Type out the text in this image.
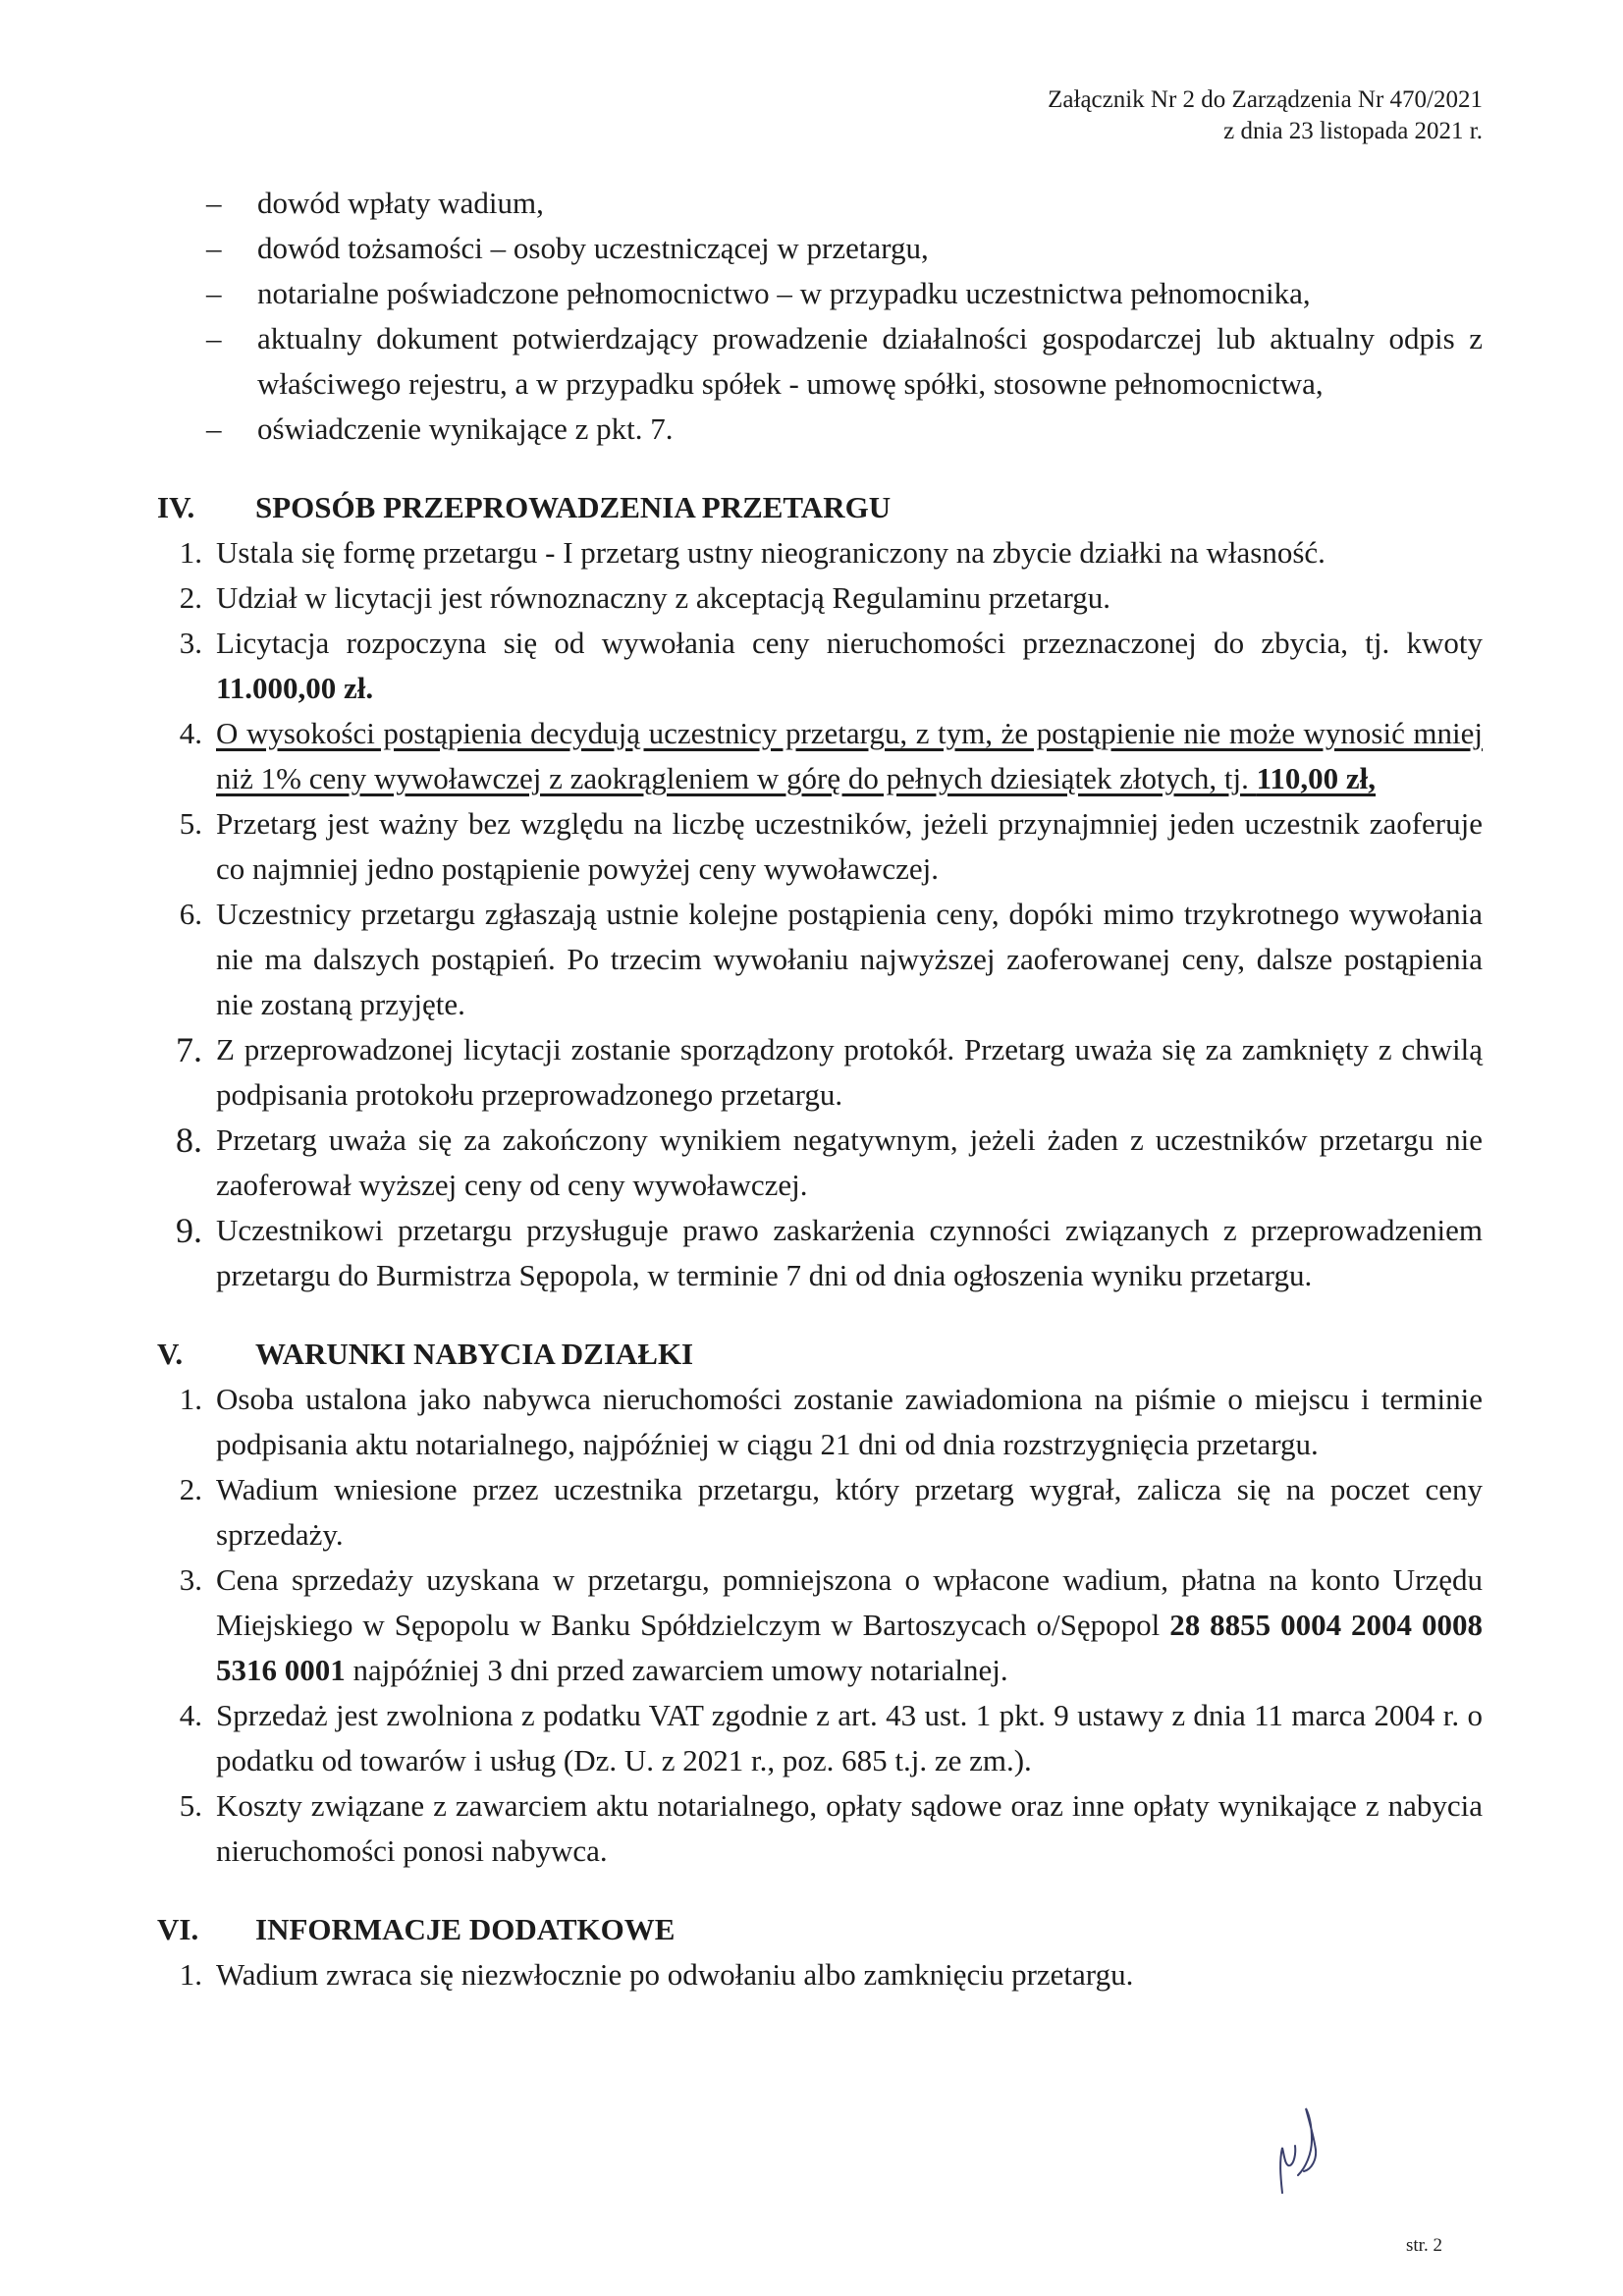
Załącznik Nr 2 do Zarządzenia Nr 470/2021
z dnia 23 listopada 2021 r.
– dowód wpłaty wadium,
– dowód tożsamości – osoby uczestniczącej w przetargu,
– notarialne poświadczone pełnomocnictwo – w przypadku uczestnictwa pełnomocnika,
– aktualny dokument potwierdzający prowadzenie działalności gospodarczej lub aktualny odpis z właściwego rejestru, a w przypadku spółek - umowę spółki, stosowne pełnomocnictwa,
– oświadczenie wynikające z pkt. 7.
IV.	SPOSÓB PRZEPROWADZENIA PRZETARGU
1. Ustala się formę przetargu - I przetarg ustny nieograniczony na zbycie działki na własność.
2. Udział w licytacji jest równoznaczny z akceptacją Regulaminu przetargu.
3. Licytacja rozpoczyna się od wywołania ceny nieruchomości przeznaczonej do zbycia, tj. kwoty 11.000,00 zł.
4. O wysokości postąpienia decydują uczestnicy przetargu, z tym, że postąpienie nie może wynosić mniej niż 1% ceny wywoławczej z zaokrągleniem w górę do pełnych dziesiątek złotych, tj. 110,00 zł,
5. Przetarg jest ważny bez względu na liczbę uczestników, jeżeli przynajmniej jeden uczestnik zaoferuje co najmniej jedno postąpienie powyżej ceny wywoławczej.
6. Uczestnicy przetargu zgłaszają ustnie kolejne postąpienia ceny, dopóki mimo trzykrotnego wywołania nie ma dalszych postąpień. Po trzecim wywołaniu najwyższej zaoferowanej ceny, dalsze postąpienia nie zostaną przyjęte.
7. Z przeprowadzonej licytacji zostanie sporządzony protokół. Przetarg uważa się za zamknięty z chwilą podpisania protokołu przeprowadzonego przetargu.
8. Przetarg uważa się za zakończony wynikiem negatywnym, jeżeli żaden z uczestników przetargu nie zaoferował wyższej ceny od ceny wywoławczej.
9. Uczestnikowi przetargu przysługuje prawo zaskarżenia czynności związanych z przeprowadzeniem przetargu do Burmistrza Sępopola, w terminie 7 dni od dnia ogłoszenia wyniku przetargu.
V.	WARUNKI NABYCIA DZIAŁKI
1. Osoba ustalona jako nabywca nieruchomości zostanie zawiadomiona na piśmie o miejscu i terminie podpisania aktu notarialnego, najpóźniej w ciągu 21 dni od dnia rozstrzygnięcia przetargu.
2. Wadium wniesione przez uczestnika przetargu, który przetarg wygrał, zalicza się na poczet ceny sprzedaży.
3. Cena sprzedaży uzyskana w przetargu, pomniejszona o wpłacone wadium, płatna na konto Urzędu Miejskiego w Sępopolu w Banku Spółdzielczym w Bartoszycach o/Sępopol 28 8855 0004 2004 0008 5316 0001 najpóźniej 3 dni przed zawarciem umowy notarialnej.
4. Sprzedaż jest zwolniona z podatku VAT zgodnie z art. 43 ust. 1 pkt. 9 ustawy z dnia 11 marca 2004 r. o podatku od towarów i usług (Dz. U. z 2021 r., poz. 685 t.j. ze zm.).
5. Koszty związane z zawarciem aktu notarialnego, opłaty sądowe oraz inne opłaty wynikające z nabycia nieruchomości ponosi nabywca.
VI.	INFORMACJE DODATKOWE
1. Wadium zwraca się niezwłocznie po odwołaniu albo zamknięciu przetargu.
str. 2
